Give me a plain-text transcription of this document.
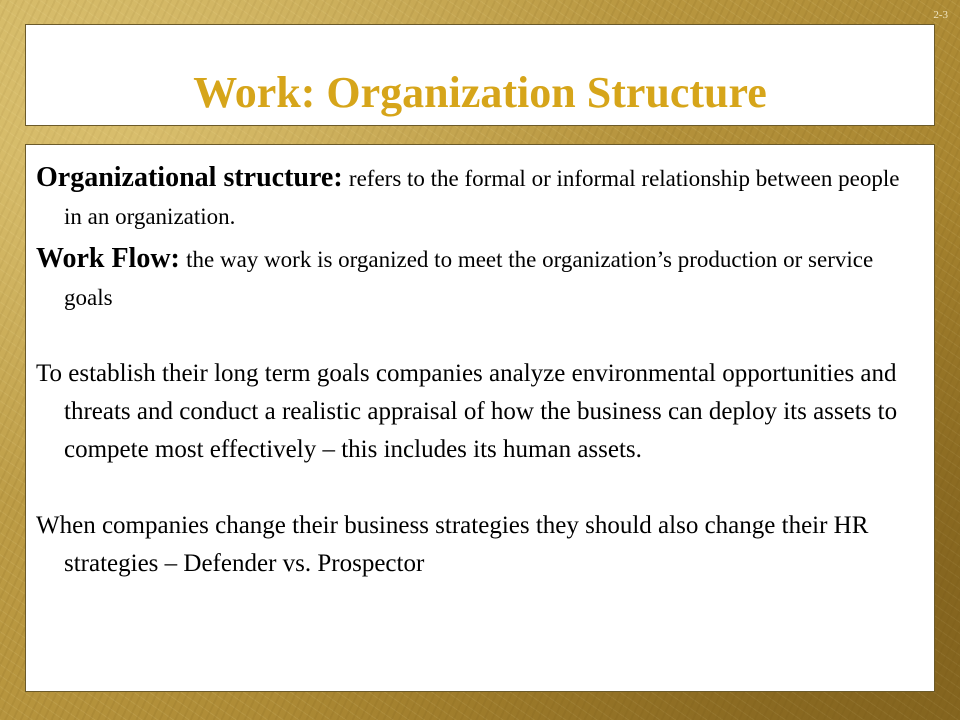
2-3
Work: Organization Structure

Organizational structure: refers to the formal or informal relationship between people in an organization.

Work Flow: the way work is organized to meet the organization’s production or service goals

To establish their long term goals companies analyze environmental opportunities and threats and conduct a realistic appraisal of how the business can deploy its assets to compete most effectively – this includes its human assets.

When companies change their business strategies they should also change their HR strategies – Defender vs. Prospector
